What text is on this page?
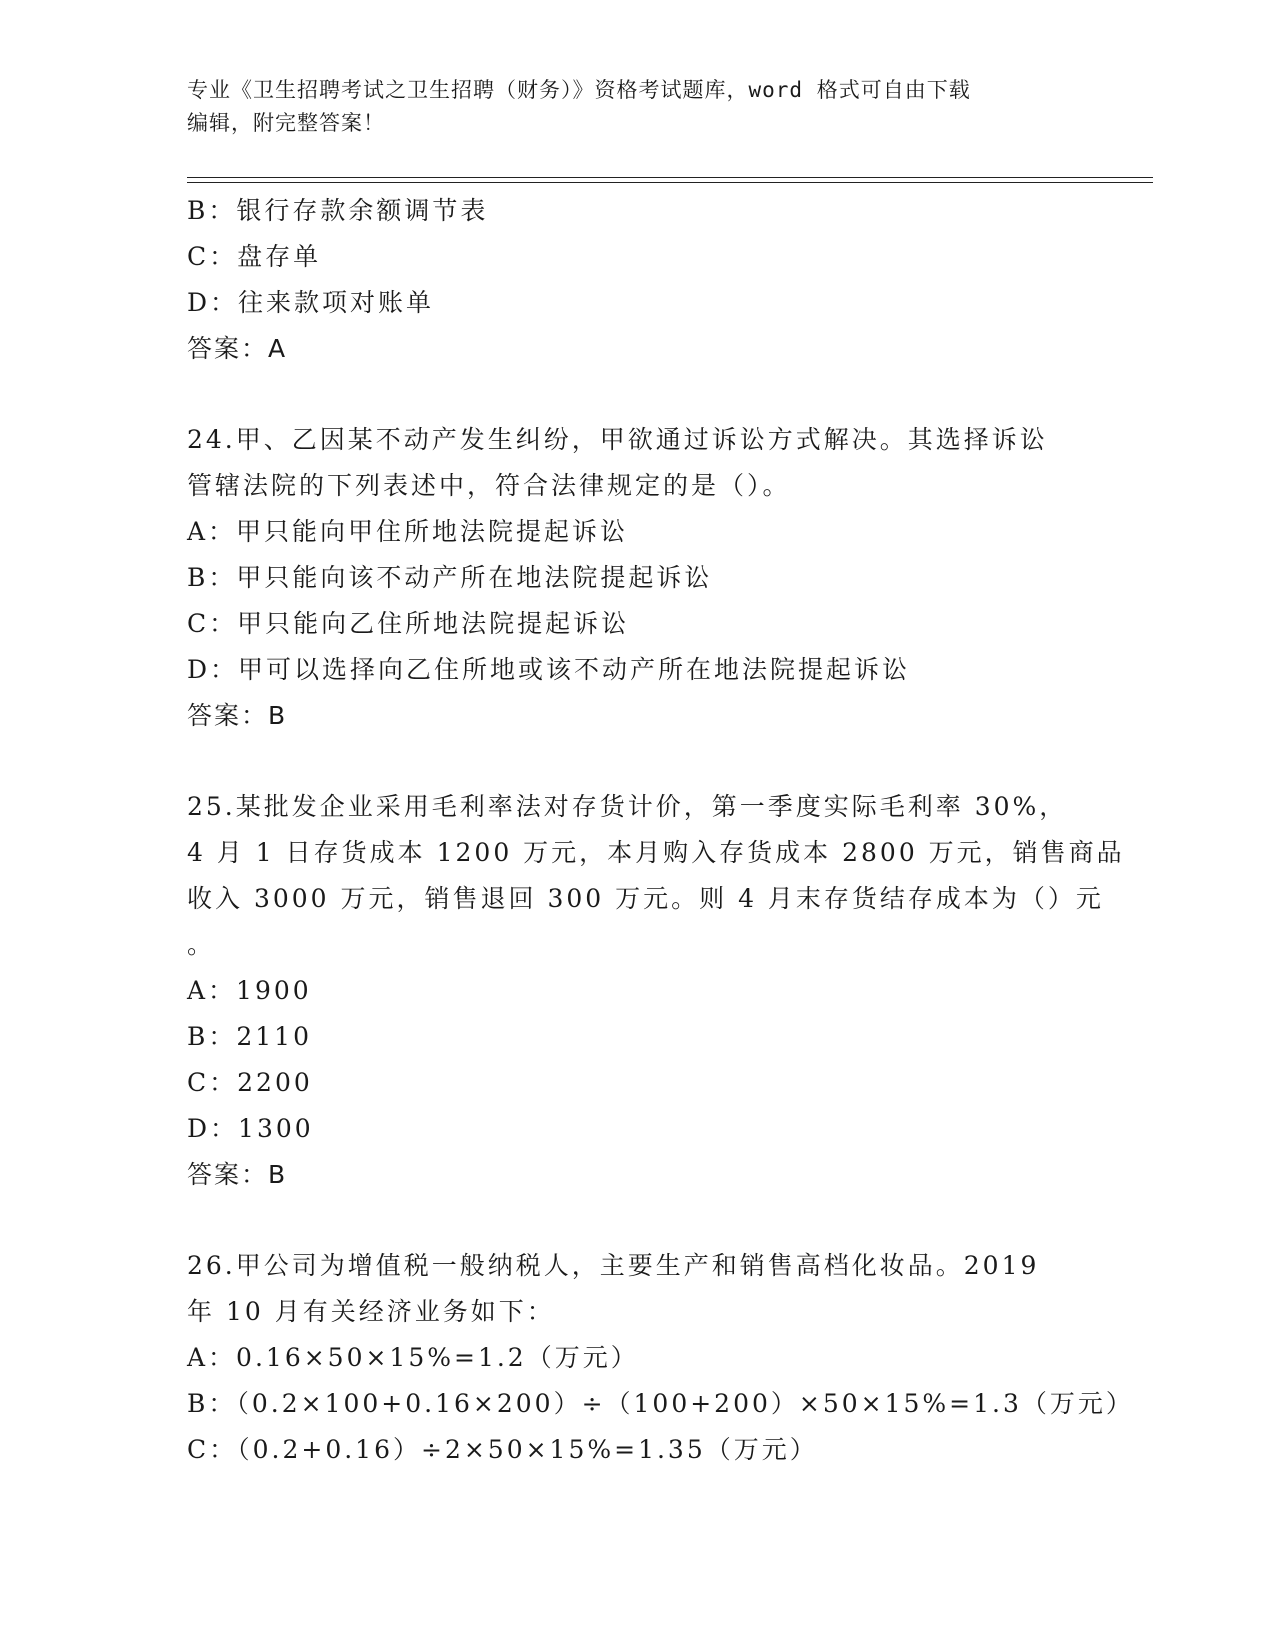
专业《卫生招聘考试之卫生招聘（财务）》资格考试题库，word 格式可自由下载
编辑，附完整答案！
B：银行存款余额调节表
C：盘存单
D：往来款项对账单
答案：A
24.甲、乙因某不动产发生纠纷，甲欲通过诉讼方式解决。其选择诉讼
管辖法院的下列表述中，符合法律规定的是（）。
A：甲只能向甲住所地法院提起诉讼
B：甲只能向该不动产所在地法院提起诉讼
C：甲只能向乙住所地法院提起诉讼
D：甲可以选择向乙住所地或该不动产所在地法院提起诉讼
答案：B
25.某批发企业采用毛利率法对存货计价，第一季度实际毛利率 30%，
4 月 1 日存货成本 1200 万元，本月购入存货成本 2800 万元，销售商品
收入 3000 万元，销售退回 300 万元。则 4 月末存货结存成本为（）元
。
A：1900
B：2110
C：2200
D：1300
答案：B
26.甲公司为增值税一般纳税人，主要生产和销售高档化妆品。2019
年 10 月有关经济业务如下：
A：0.16×50×15%=1.2（万元）
B：（0.2×100+0.16×200）÷（100+200）×50×15%=1.3（万元）
C：（0.2+0.16）÷2×50×15%=1.35（万元）
